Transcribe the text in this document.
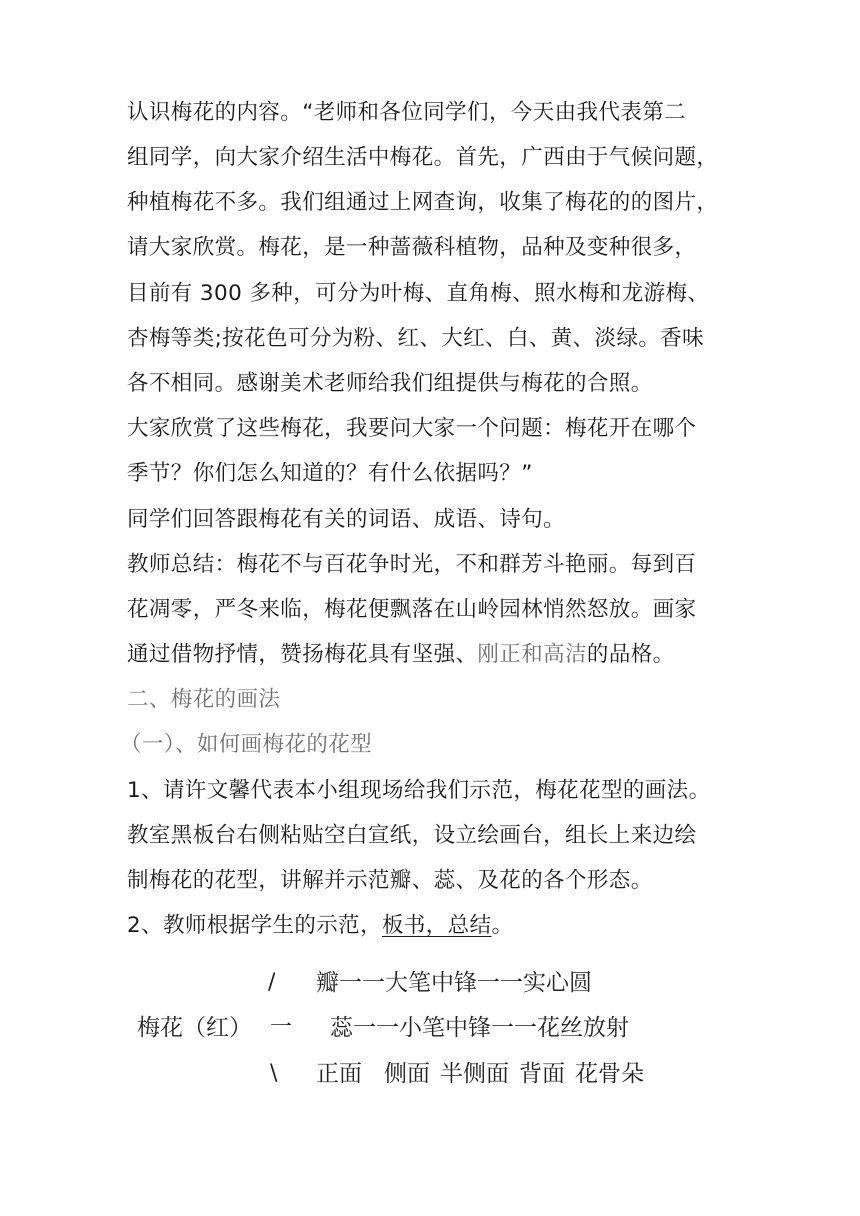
认识梅花的内容。“老师和各位同学们，今天由我代表第二
组同学，向大家介绍生活中梅花。首先，广西由于气候问题，
种植梅花不多。我们组通过上网查询，收集了梅花的的图片，
请大家欣赏。梅花，是一种蔷薇科植物，品种及变种很多，
目前有 300 多种，可分为叶梅、直角梅、照水梅和龙游梅、
杏梅等类;按花色可分为粉、红、大红、白、黄、淡绿。香味
各不相同。感谢美术老师给我们组提供与梅花的合照。
大家欣赏了这些梅花，我要问大家一个问题：梅花开在哪个
季节？你们怎么知道的？有什么依据吗？”
同学们回答跟梅花有关的词语、成语、诗句。
教师总结：梅花不与百花争时光，不和群芳斗艳丽。每到百
花凋零，严冬来临，梅花便飘落在山岭园林悄然怒放。画家
通过借物抒情，赞扬梅花具有坚强、刚正和高洁的品格。
二、梅花的画法
（一）、如何画梅花的花型
1、请许文馨代表本小组现场给我们示范，梅花花型的画法。
教室黑板台右侧粘贴空白宣纸，设立绘画台，组长上来边绘
制梅花的花型，讲解并示范瓣、蕊、及花的各个形态。
2、教师根据学生的示范，板书，总结。
/ 瓣一一大笔中锋一一实心圆
梅花（红） 一 蕊一一小笔中锋一一花丝放射
\ 正面 侧面 半侧面 背面 花骨朵
